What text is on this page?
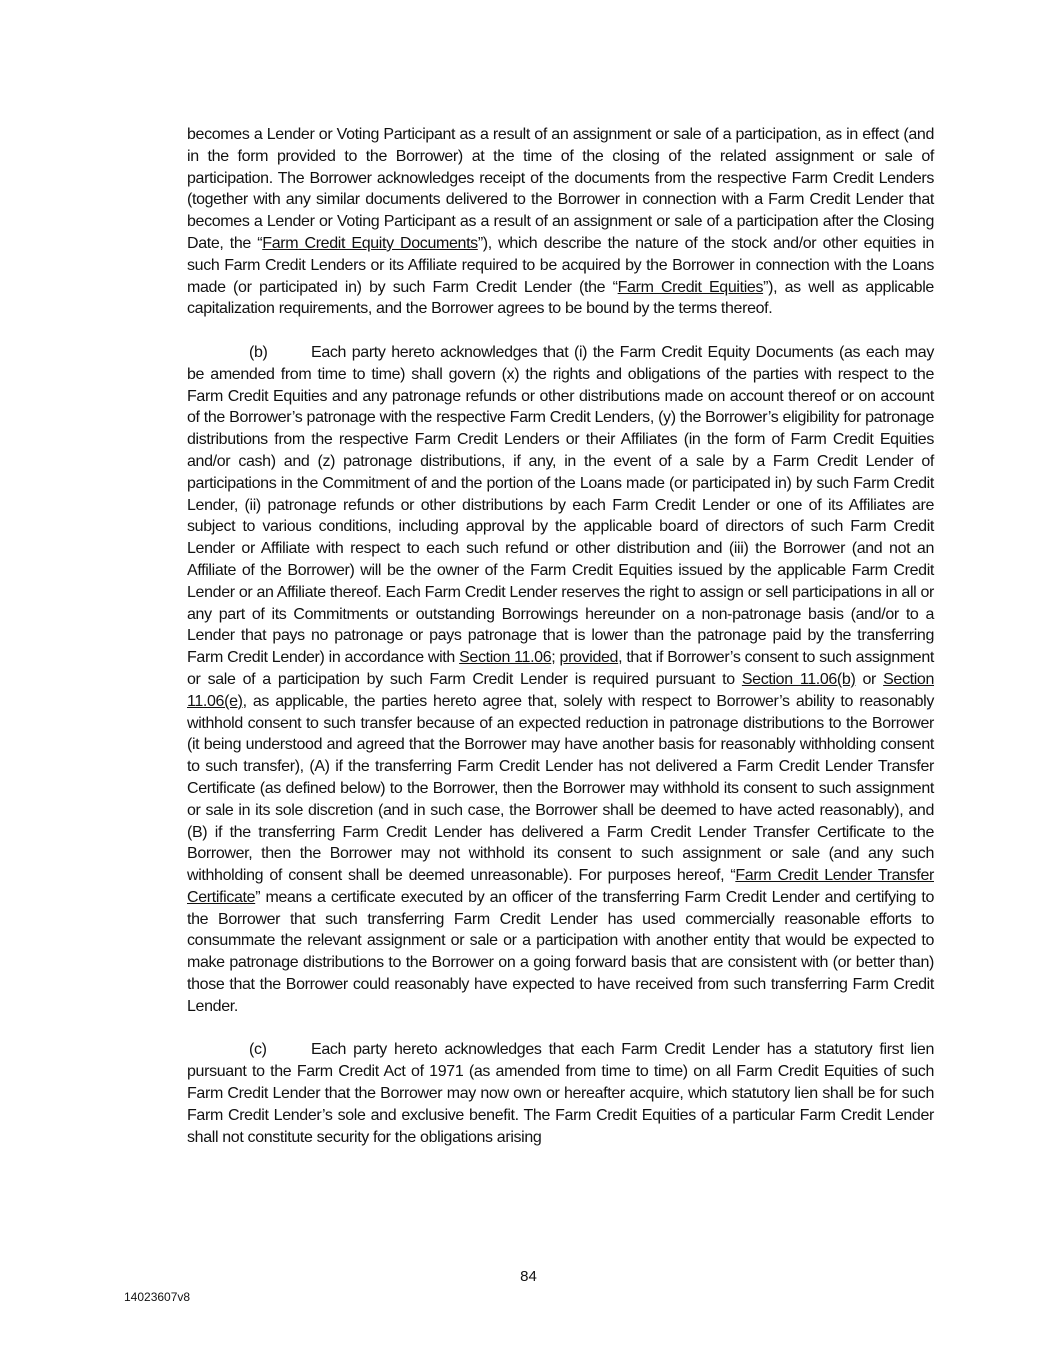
becomes a Lender or Voting Participant as a result of an assignment or sale of a participation, as in effect (and in the form provided to the Borrower) at the time of the closing of the related assignment or sale of participation. The Borrower acknowledges receipt of the documents from the respective Farm Credit Lenders (together with any similar documents delivered to the Borrower in connection with a Farm Credit Lender that becomes a Lender or Voting Participant as a result of an assignment or sale of a participation after the Closing Date, the “Farm Credit Equity Documents”), which describe the nature of the stock and/or other equities in such Farm Credit Lenders or its Affiliate required to be acquired by the Borrower in connection with the Loans made (or participated in) by such Farm Credit Lender (the “Farm Credit Equities”), as well as applicable capitalization requirements, and the Borrower agrees to be bound by the terms thereof.

(b)	Each party hereto acknowledges that (i) the Farm Credit Equity Documents (as each may be amended from time to time) shall govern (x) the rights and obligations of the parties with respect to the Farm Credit Equities and any patronage refunds or other distributions made on account thereof or on account of the Borrower’s patronage with the respective Farm Credit Lenders, (y) the Borrower’s eligibility for patronage distributions from the respective Farm Credit Lenders or their Affiliates (in the form of Farm Credit Equities and/or cash) and (z) patronage distributions, if any, in the event of a sale by a Farm Credit Lender of participations in the Commitment of and the portion of the Loans made (or participated in) by such Farm Credit Lender, (ii) patronage refunds or other distributions by each Farm Credit Lender or one of its Affiliates are subject to various conditions, including approval by the applicable board of directors of such Farm Credit Lender or Affiliate with respect to each such refund or other distribution and (iii) the Borrower (and not an Affiliate of the Borrower) will be the owner of the Farm Credit Equities issued by the applicable Farm Credit Lender or an Affiliate thereof. Each Farm Credit Lender reserves the right to assign or sell participations in all or any part of its Commitments or outstanding Borrowings hereunder on a non-patronage basis (and/or to a Lender that pays no patronage or pays patronage that is lower than the patronage paid by the transferring Farm Credit Lender) in accordance with Section 11.06; provided, that if Borrower’s consent to such assignment or sale of a participation by such Farm Credit Lender is required pursuant to Section 11.06(b) or Section 11.06(e), as applicable, the parties hereto agree that, solely with respect to Borrower’s ability to reasonably withhold consent to such transfer because of an expected reduction in patronage distributions to the Borrower (it being understood and agreed that the Borrower may have another basis for reasonably withholding consent to such transfer), (A) if the transferring Farm Credit Lender has not delivered a Farm Credit Lender Transfer Certificate (as defined below) to the Borrower, then the Borrower may withhold its consent to such assignment or sale in its sole discretion (and in such case, the Borrower shall be deemed to have acted reasonably), and (B) if the transferring Farm Credit Lender has delivered a Farm Credit Lender Transfer Certificate to the Borrower, then the Borrower may not withhold its consent to such assignment or sale (and any such withholding of consent shall be deemed unreasonable). For purposes hereof, “Farm Credit Lender Transfer Certificate” means a certificate executed by an officer of the transferring Farm Credit Lender and certifying to the Borrower that such transferring Farm Credit Lender has used commercially reasonable efforts to consummate the relevant assignment or sale or a participation with another entity that would be expected to make patronage distributions to the Borrower on a going forward basis that are consistent with (or better than) those that the Borrower could reasonably have expected to have received from such transferring Farm Credit Lender.

(c)	Each party hereto acknowledges that each Farm Credit Lender has a statutory first lien pursuant to the Farm Credit Act of 1971 (as amended from time to time) on all Farm Credit Equities of such Farm Credit Lender that the Borrower may now own or hereafter acquire, which statutory lien shall be for such Farm Credit Lender’s sole and exclusive benefit. The Farm Credit Equities of a particular Farm Credit Lender shall not constitute security for the obligations arising

84
14023607v8
